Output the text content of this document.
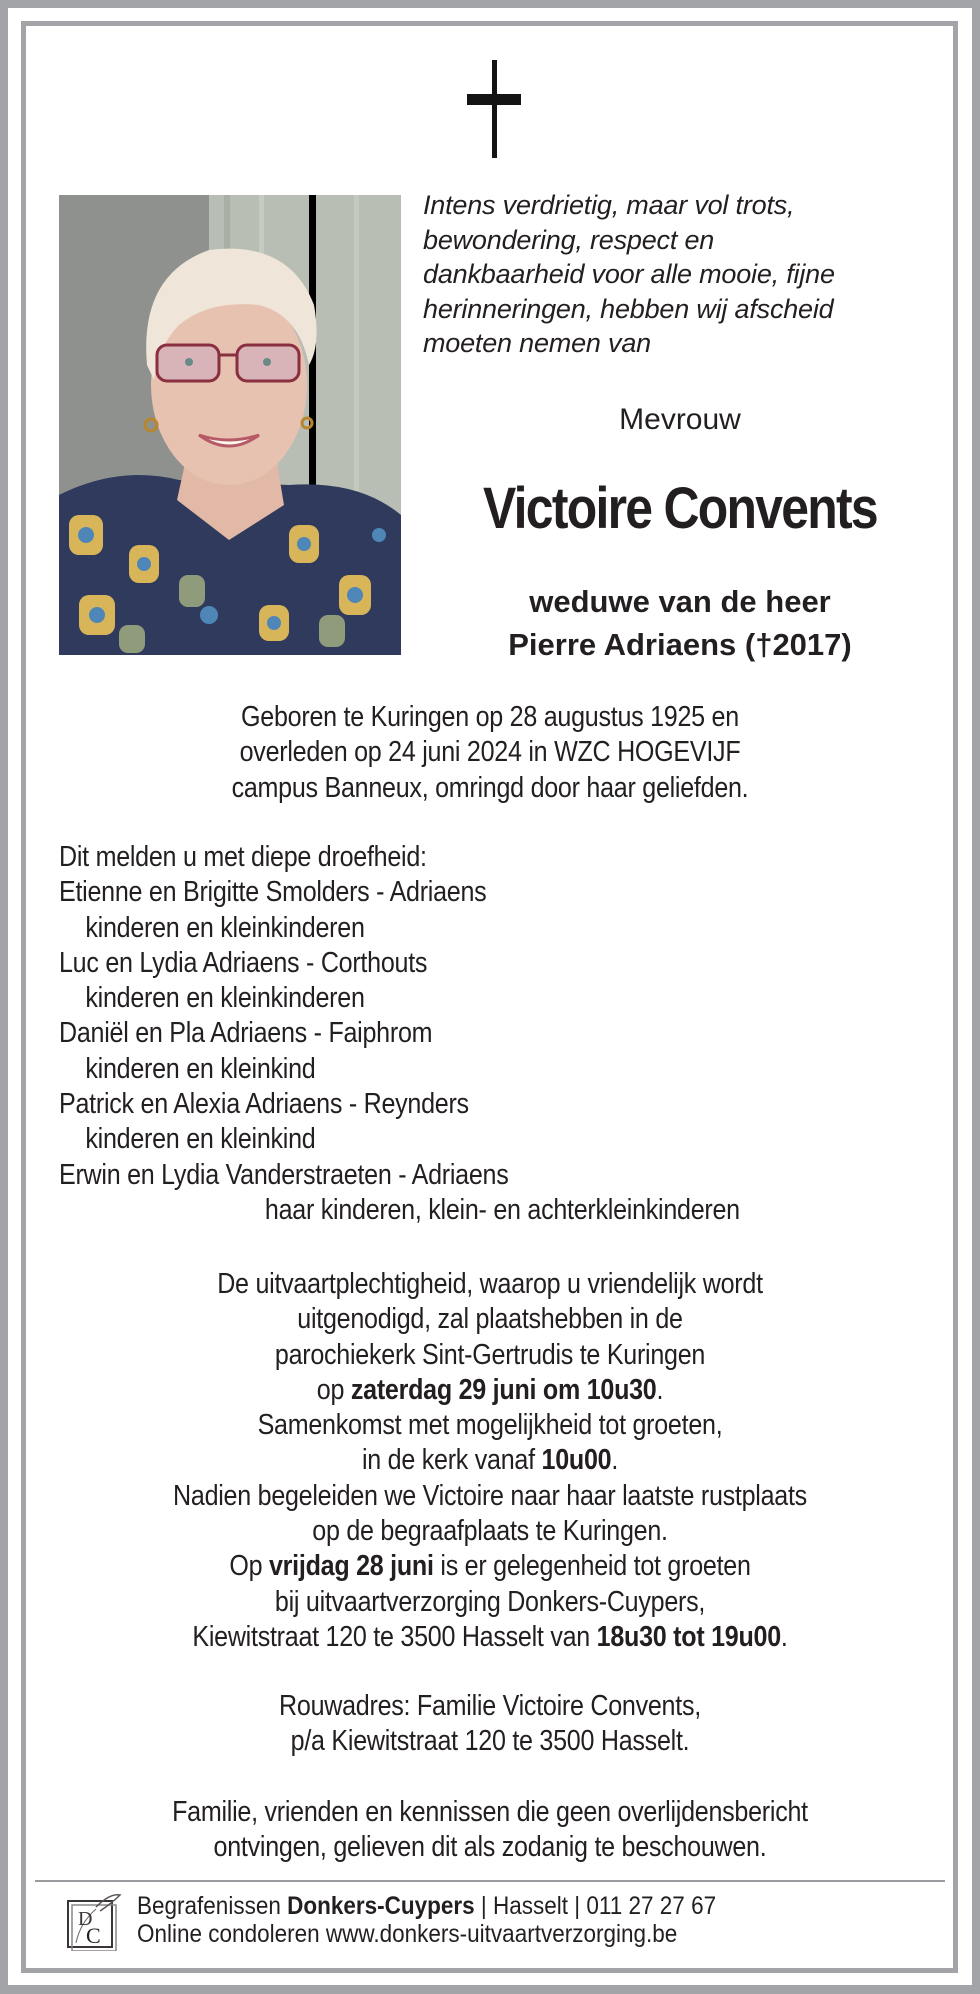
Intens verdrietig, maar vol trots,
bewondering, respect en
dankbaarheid voor alle mooie, fijne
herinneringen, hebben wij afscheid
moeten nemen van
Mevrouw
Victoire Convents
weduwe van de heer
Pierre Adriaens (†2017)
Geboren te Kuringen op 28 augustus 1925 en
overleden op 24 juni 2024 in WZC HOGEVIJF
campus Banneux, omringd door haar geliefden.
Dit melden u met diepe droefheid:
Etienne en Brigitte Smolders - Adriaens
kinderen en kleinkinderen
Luc en Lydia Adriaens - Corthouts
kinderen en kleinkinderen
Daniël en Pla Adriaens - Faiphrom
kinderen en kleinkind
Patrick en Alexia Adriaens - Reynders
kinderen en kleinkind
Erwin en Lydia Vanderstraeten - Adriaens
haar kinderen, klein- en achterkleinkinderen
De uitvaartplechtigheid, waarop u vriendelijk wordt
uitgenodigd, zal plaatshebben in de
parochiekerk Sint-Gertrudis te Kuringen
op zaterdag 29 juni om 10u30.
Samenkomst met mogelijkheid tot groeten,
in de kerk vanaf 10u00.
Nadien begeleiden we Victoire naar haar laatste rustplaats
op de begraafplaats te Kuringen.
Op vrijdag 28 juni is er gelegenheid tot groeten
bij uitvaartverzorging Donkers-Cuypers,
Kiewitstraat 120 te 3500 Hasselt van 18u30 tot 19u00.
Rouwadres: Familie Victoire Convents,
p/a Kiewitstraat 120 te 3500 Hasselt.
Familie, vrienden en kennissen die geen overlijdensbericht
ontvingen, gelieven dit als zodanig te beschouwen.
D
C
Begrafenissen Donkers-Cuypers | Hasselt | 011 27 27 67
Online condoleren www.donkers-uitvaartverzorging.be
